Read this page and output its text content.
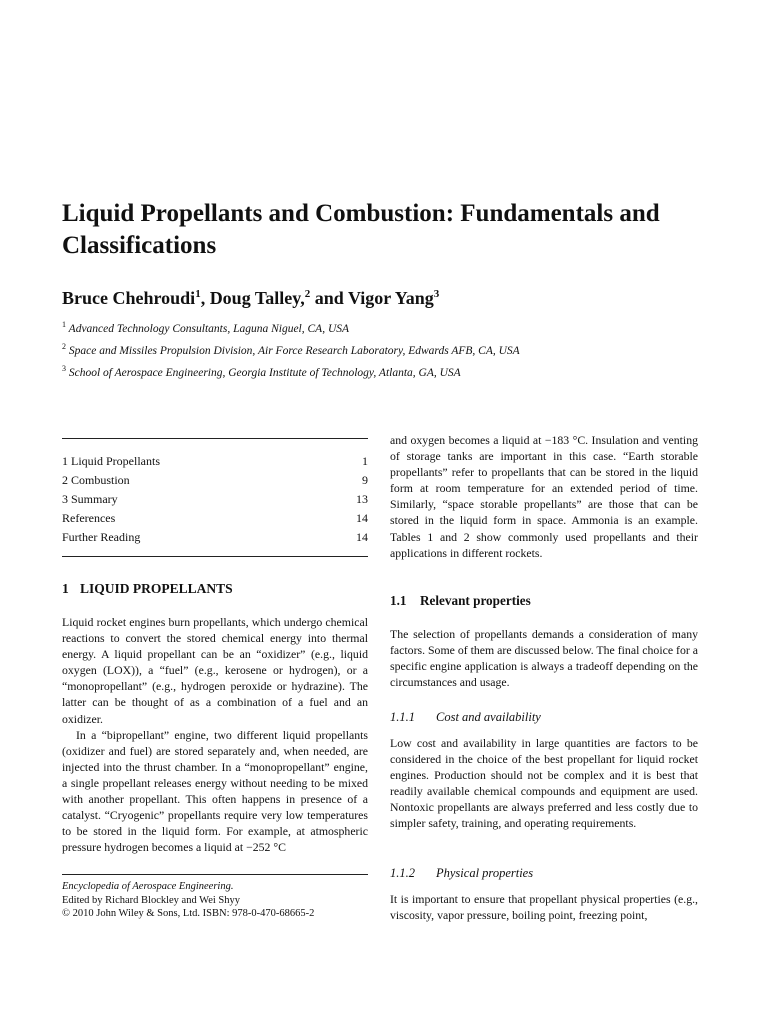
Liquid Propellants and Combustion: Fundamentals and Classifications
Bruce Chehroudi$^1$, Doug Talley,$^2$ and Vigor Yang$^3$
$^1$ Advanced Technology Consultants, Laguna Niguel, CA, USA
$^2$ Space and Missiles Propulsion Division, Air Force Research Laboratory, Edwards AFB, CA, USA
$^3$ School of Aerospace Engineering, Georgia Institute of Technology, Atlanta, GA, USA
1 Liquid Propellants	1
2 Combustion	9
3 Summary	13
References	14
Further Reading	14
1 LIQUID PROPELLANTS

Liquid rocket engines burn propellants, which undergo chemical reactions to convert the stored chemical energy into thermal energy. A liquid propellant can be an “oxidizer” (e.g., liquid oxygen (LOX)), a “fuel” (e.g., kerosene or hydrogen), or a “monopropellant” (e.g., hydrogen peroxide or hydrazine). The latter can be thought of as a combination of a fuel and an oxidizer.

In a “bipropellant” engine, two different liquid propellants (oxidizer and fuel) are stored separately and, when needed, are injected into the thrust chamber. In a “monopropellant” engine, a single propellant releases energy without needing to be mixed with another propellant. This often happens in presence of a catalyst. “Cryogenic” propellants require very low temperatures to be stored in the liquid form. For example, at atmospheric pressure hydrogen becomes a liquid at −252 °C

Encyclopedia of Aerospace Engineering.
Edited by Richard Blockley and Wei Shyy
© 2010 John Wiley & Sons, Ltd. ISBN: 978-0-470-68665-2

and oxygen becomes a liquid at −183 °C. Insulation and venting of storage tanks are important in this case. “Earth storable propellants” refer to propellants that can be stored in the liquid form at room temperature for an extended period of time. Similarly, “space storable propellants” are those that can be stored in the liquid form in space. Ammonia is an example. Tables 1 and 2 show commonly used propellants and their applications in different rockets.

1.1 Relevant properties

The selection of propellants demands a consideration of many factors. Some of them are discussed below. The final choice for a specific engine application is always a tradeoff depending on the circumstances and usage.

1.1.1 Cost and availability

Low cost and availability in large quantities are factors to be considered in the choice of the best propellant for liquid rocket engines. Production should not be complex and it is best that readily available chemical compounds and equipment are used. Nontoxic propellants are always preferred and less costly due to simpler safety, training, and operating requirements.

1.1.2 Physical properties

It is important to ensure that propellant physical properties (e.g., viscosity, vapor pressure, boiling point, freezing point,
